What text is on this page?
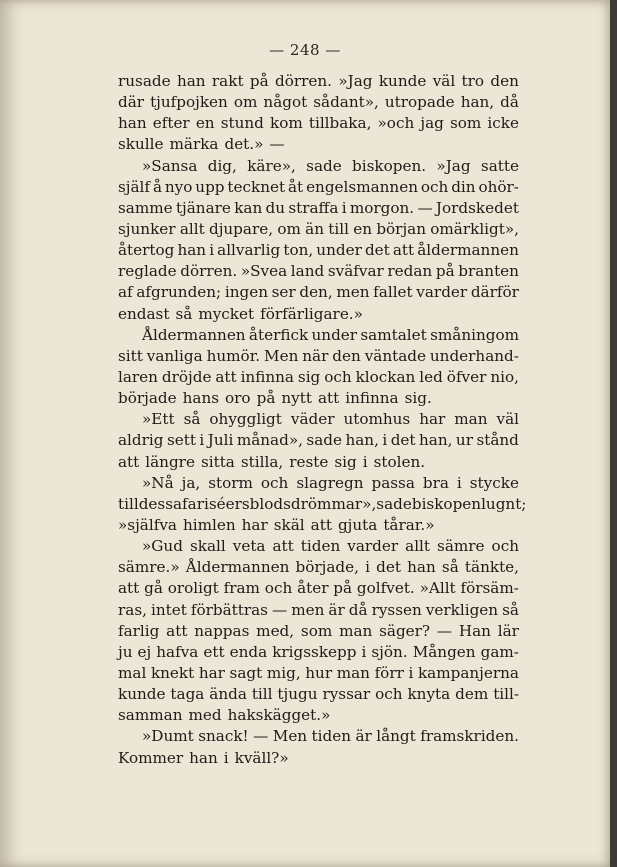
— 248 —
rusade han rakt på dörren. »Jag kunde väl tro den
där tjufpojken om något sådant», utropade han, då
han efter en stund kom tillbaka, »och jag som icke
skulle märka det.» —
»Sansa dig, käre», sade biskopen. »Jag satte
själf å nyo upp tecknet åt engelsmannen och din ohör-
samme tjänare kan du straffa i morgon. — Jordskedet
sjunker allt djupare, om än till en början omärkligt»,
återtog han i allvarlig ton, under det att åldermannen
reglade dörren. »Svea land sväfvar redan på branten
af afgrunden; ingen ser den, men fallet varder därför
endast så mycket förfärligare.»
Åldermannen återfick under samtalet småningom
sitt vanliga humör. Men när den väntade underhand-
laren dröjde att infinna sig och klockan led öfver nio,
började hans oro på nytt att infinna sig.
»Ett så ohyggligt väder utomhus har man väl
aldrig sett i Juli månad», sade han, i det han, ur stånd
att längre sitta stilla, reste sig i stolen.
»Nå ja, storm och slagregn passa bra i stycke
till dessa fariséers blodsdrömmar», sade biskopen lugnt;
»själfva himlen har skäl att gjuta tårar.»
»Gud skall veta att tiden varder allt sämre och
sämre.» Åldermannen började, i det han så tänkte,
att gå oroligt fram och åter på golfvet. »Allt försäm-
ras, intet förbättras — men är då ryssen verkligen så
farlig att nappas med, som man säger? — Han lär
ju ej hafva ett enda krigsskepp i sjön. Mången gam-
mal knekt har sagt mig, hur man förr i kampanjerna
kunde taga ända till tjugu ryssar och knyta dem till-
samman med hakskägget.»
»Dumt snack! — Men tiden är långt framskriden.
Kommer han i kväll?»
